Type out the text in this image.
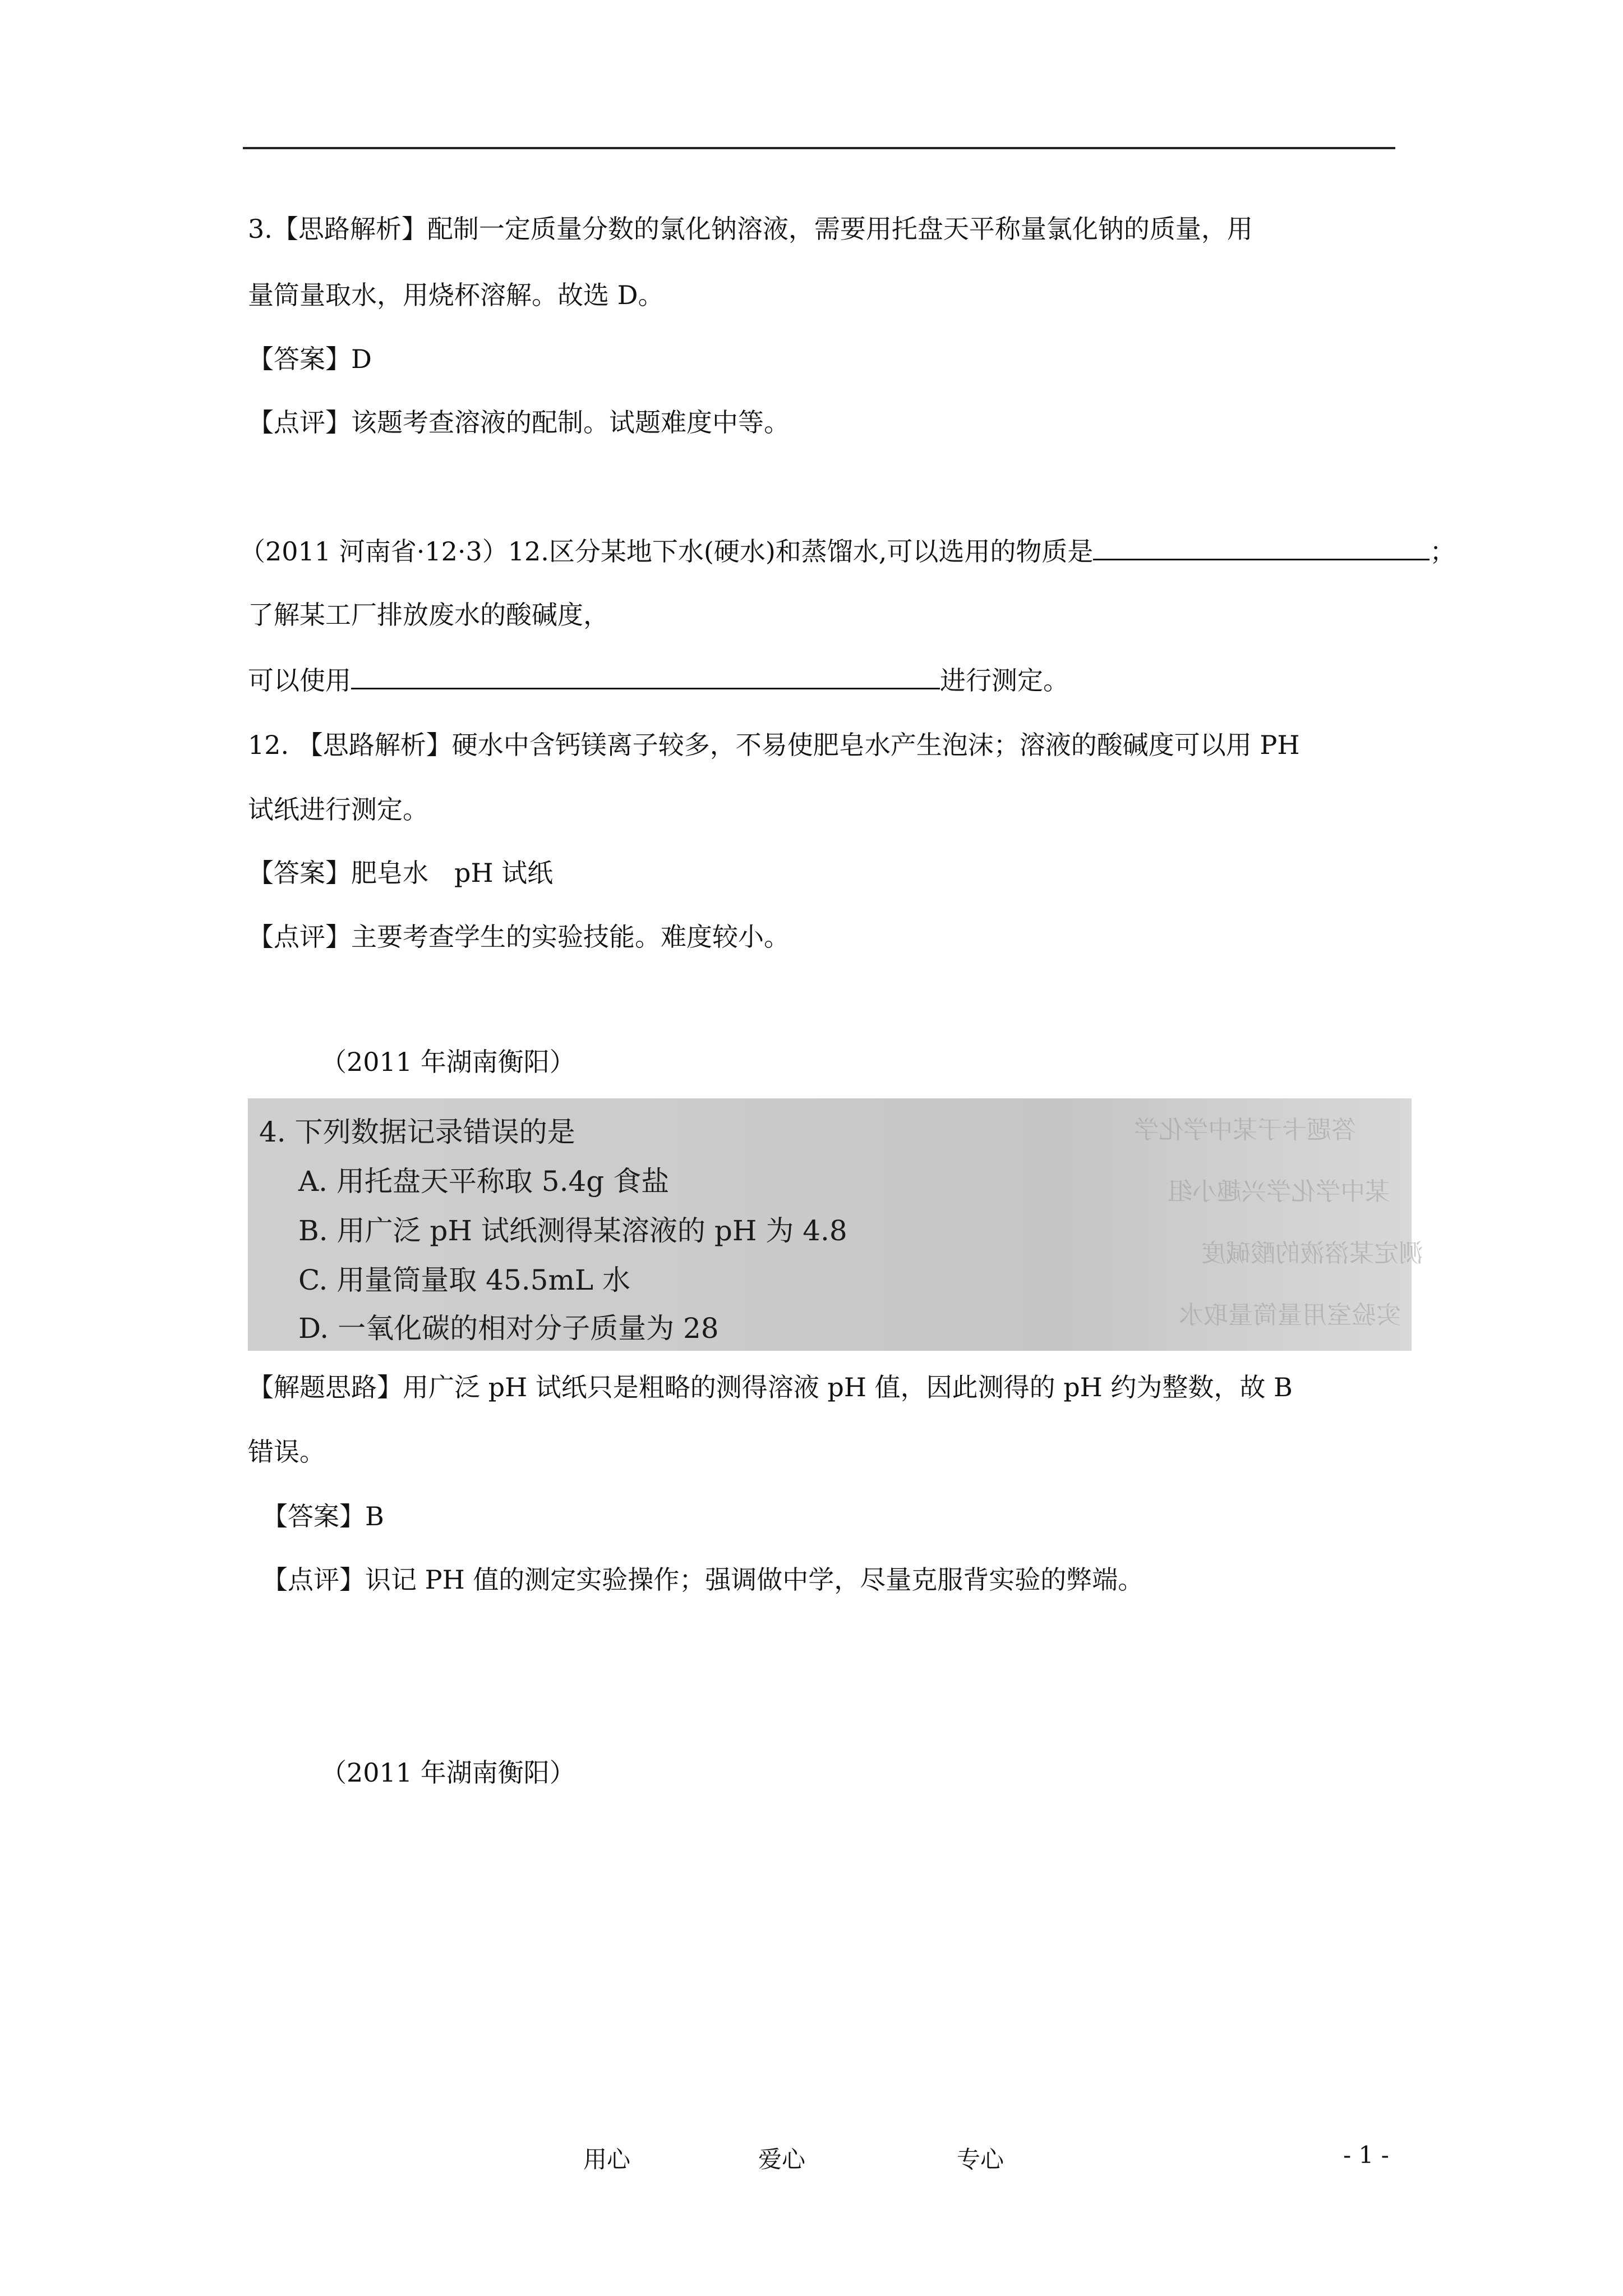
3.【思路解析】配制一定质量分数的氯化钠溶液，需要用托盘天平称量氯化钠的质量，用
量筒量取水，用烧杯溶解。故选 D。
【答案】D
【点评】该题考查溶液的配制。试题难度中等。
（2011 河南省·12·3）12.区分某地下水(硬水)和蒸馏水,可以选用的物质是	；
了解某工厂排放废水的酸碱度，
可以使用	进行测定。
12. 【思路解析】硬水中含钙镁离子较多，不易使肥皂水产生泡沫；溶液的酸碱度可以用 PH
试纸进行测定。
【答案】肥皂水　pH 试纸
【点评】主要考查学生的实验技能。难度较小。
（2011 年湖南衡阳）
答题卡于某中学化学
某中学化学兴趣小组
测定某溶液的酸碱度
实验室用量筒量取水
4. 下列数据记录错误的是
A. 用托盘天平称取 5.4g 食盐
B. 用广泛 pH 试纸测得某溶液的 pH 为 4.8
C. 用量筒量取 45.5mL 水
D. 一氧化碳的相对分子质量为 28
【解题思路】用广泛 pH 试纸只是粗略的测得溶液 pH 值，因此测得的 pH 约为整数，故 B
错误。
【答案】B
【点评】识记 PH 值的测定实验操作；强调做中学，尽量克服背实验的弊端。
（2011 年湖南衡阳）
用心	爱心	专心	- 1 -
